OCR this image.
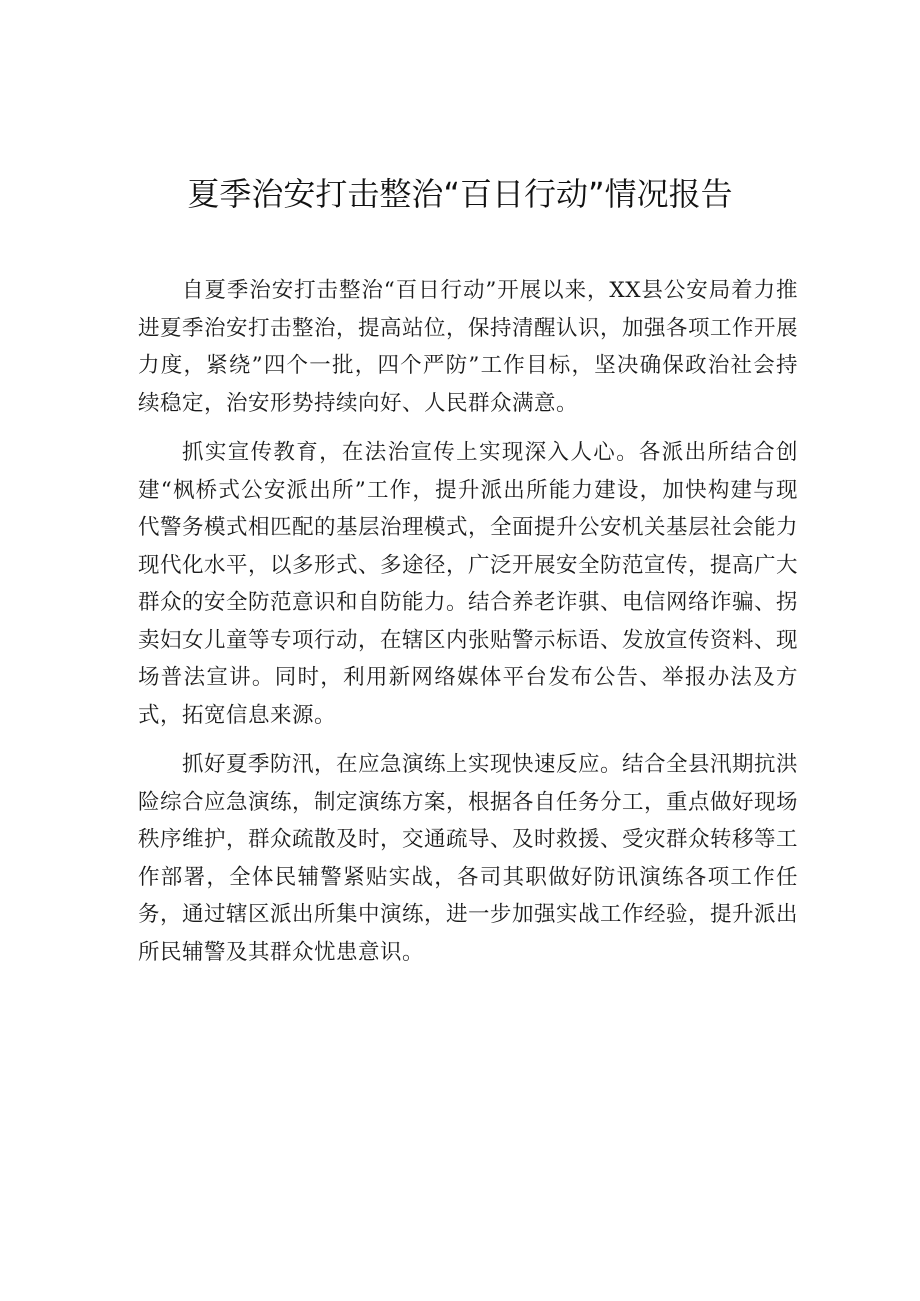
夏季治安打击整治“百日行动”情况报告

自夏季治安打击整治“百日行动”开展以来，XX县公安局着力推进夏季治安打击整治，提高站位，保持清醒认识，加强各项工作开展力度，紧绕”四个一批，四个严防”工作目标，坚决确保政治社会持续稳定，治安形势持续向好、人民群众满意。

抓实宣传教育，在法治宣传上实现深入人心。各派出所结合创建“枫桥式公安派出所”工作，提升派出所能力建设，加快构建与现代警务模式相匹配的基层治理模式，全面提升公安机关基层社会能力现代化水平，以多形式、多途径，广泛开展安全防范宣传，提高广大群众的安全防范意识和自防能力。结合养老诈骐、电信网络诈骗、拐卖妇女儿童等专项行动，在辖区内张贴警示标语、发放宣传资料、现场普法宣讲。同时，利用新网络媒体平台发布公告、举报办法及方式，拓宽信息来源。

抓好夏季防汛，在应急演练上实现快速反应。结合全县汛期抗洪险综合应急演练，制定演练方案，根据各自任务分工，重点做好现场秩序维护，群众疏散及时，交通疏导、及时救援、受灾群众转移等工作部署，全体民辅警紧贴实战，各司其职做好防讯演练各项工作任务，通过辖区派出所集中演练，进一步加强实战工作经验，提升派出所民辅警及其群众忧患意识。
